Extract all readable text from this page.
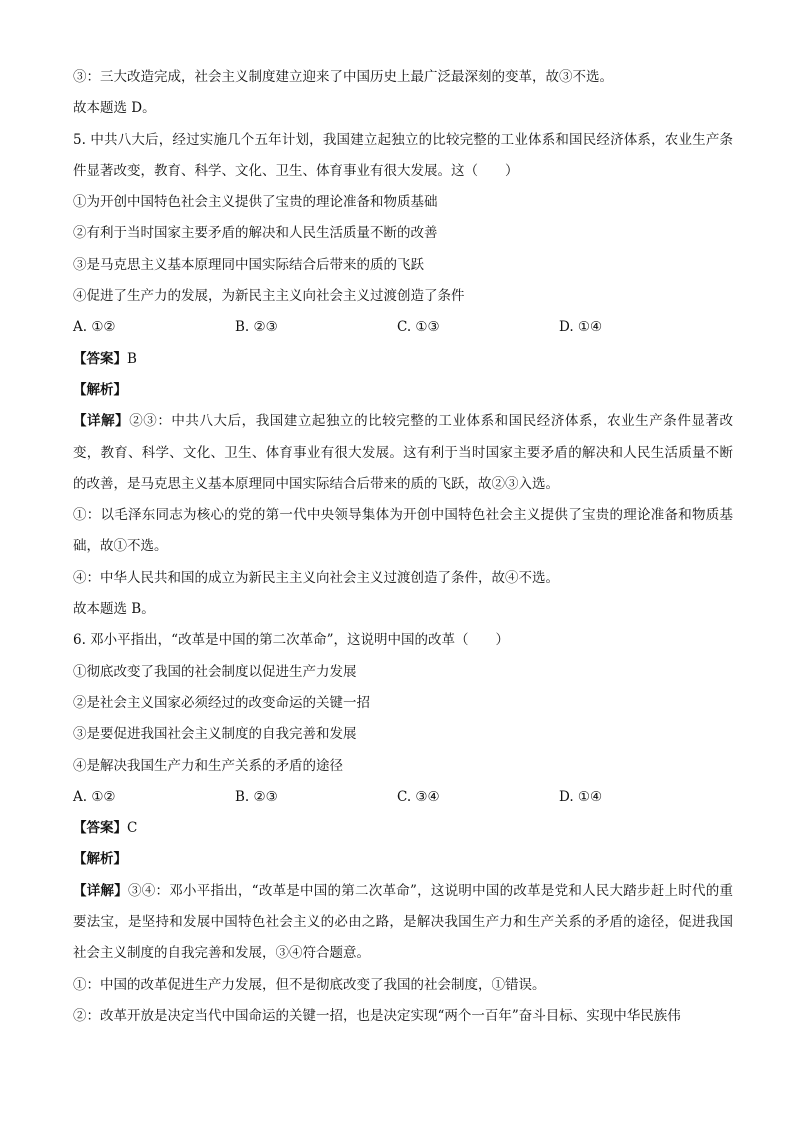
③：三大改造完成，社会主义制度建立迎来了中国历史上最广泛最深刻的变革，故③不选。
故本题选 D。
5. 中共八大后，经过实施几个五年计划，我国建立起独立的比较完整的工业体系和国民经济体系，农业生产条件显著改变，教育、科学、文化、卫生、体育事业有很大发展。这（　　）
①为开创中国特色社会主义提供了宝贵的理论准备和物质基础
②有利于当时国家主要矛盾的解决和人民生活质量不断的改善
③是马克思主义基本原理同中国实际结合后带来的质的飞跃
④促进了生产力的发展，为新民主主义向社会主义过渡创造了条件
A. ①②	B. ②③	C. ①③	D. ①④
【答案】B
【解析】
【详解】②③：中共八大后，我国建立起独立的比较完整的工业体系和国民经济体系，农业生产条件显著改变，教育、科学、文化、卫生、体育事业有很大发展。这有利于当时国家主要矛盾的解决和人民生活质量不断的改善，是马克思主义基本原理同中国实际结合后带来的质的飞跃，故②③入选。
①：以毛泽东同志为核心的党的第一代中央领导集体为开创中国特色社会主义提供了宝贵的理论准备和物质基础，故①不选。
④：中华人民共和国的成立为新民主主义向社会主义过渡创造了条件，故④不选。
故本题选 B。
6. 邓小平指出，“改革是中国的第二次革命”，这说明中国的改革（　　）
①彻底改变了我国的社会制度以促进生产力发展
②是社会主义国家必须经过的改变命运的关键一招
③是要促进我国社会主义制度的自我完善和发展
④是解决我国生产力和生产关系的矛盾的途径
A. ①②	B. ②③	C. ③④	D. ①④
【答案】C
【解析】
【详解】③④：邓小平指出，“改革是中国的第二次革命”，这说明中国的改革是党和人民大踏步赶上时代的重要法宝，是坚持和发展中国特色社会主义的必由之路，是解决我国生产力和生产关系的矛盾的途径，促进我国社会主义制度的自我完善和发展，③④符合题意。
①：中国的改革促进生产力发展，但不是彻底改变了我国的社会制度，①错误。
②：改革开放是决定当代中国命运的关键一招，也是决定实现“两个一百年”奋斗目标、实现中华民族伟
